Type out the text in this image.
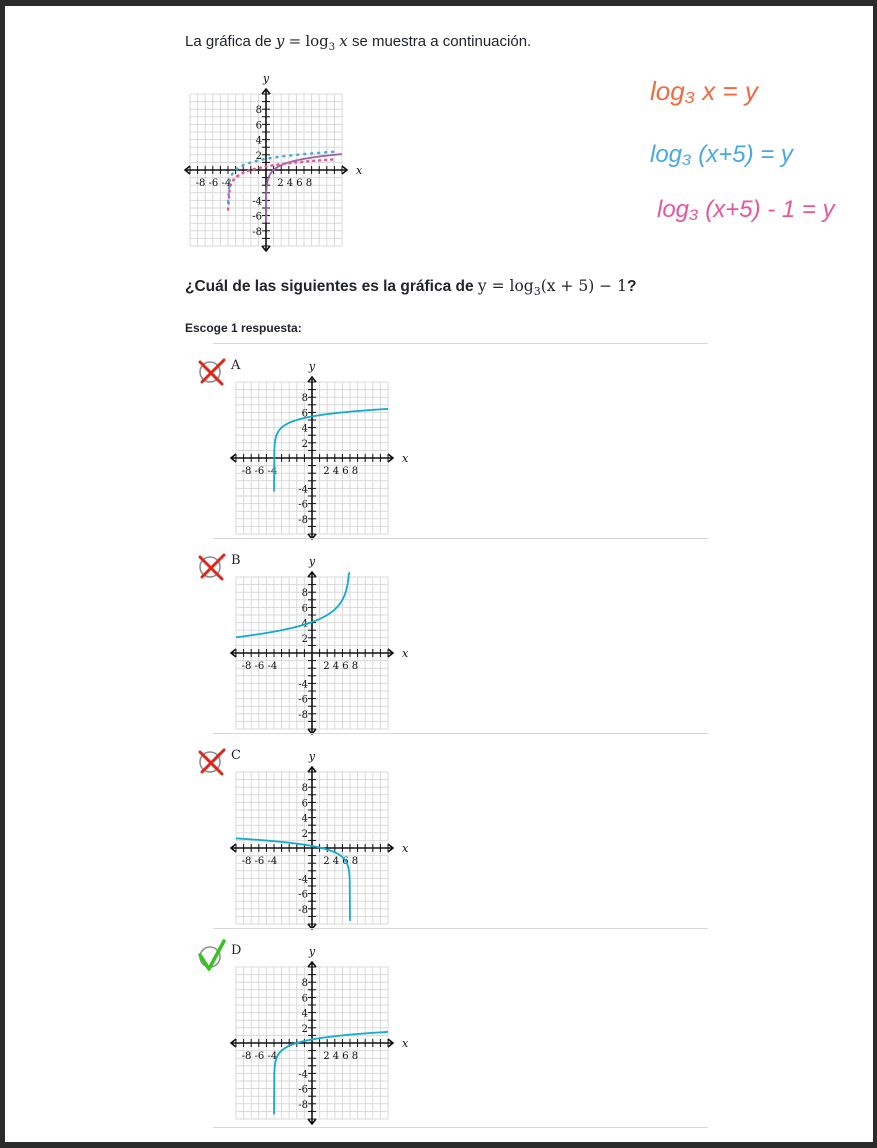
La gráfica de $y = \log_3 x$ se muestra a continuación.
log₃ x = y
log₃ (x+5) = y
log₃ (x+5) - 1 = y
y
x
-8 -6 -4	2 4 6 8
8
6
4
2
-4
-6
-8
¿Cuál de las siguientes es la gráfica de $y = \log_3(x + 5) - 1$?
Escoge 1 respuesta:
A	y
x
-8 -6 -4	2 4 6 8
8
6
4
2
-4
-6
-8
B	y
x
-8 -6 -4	2 4 6 8
8
6
4
2
-4
-6
-8
C	y
x
-8 -6 -4	2 4 6 8
8
6
4
2
-4
-6
-8
D	y
x
-8 -6 -4	2 4 6 8
8
6
4
2
-4
-6
-8
